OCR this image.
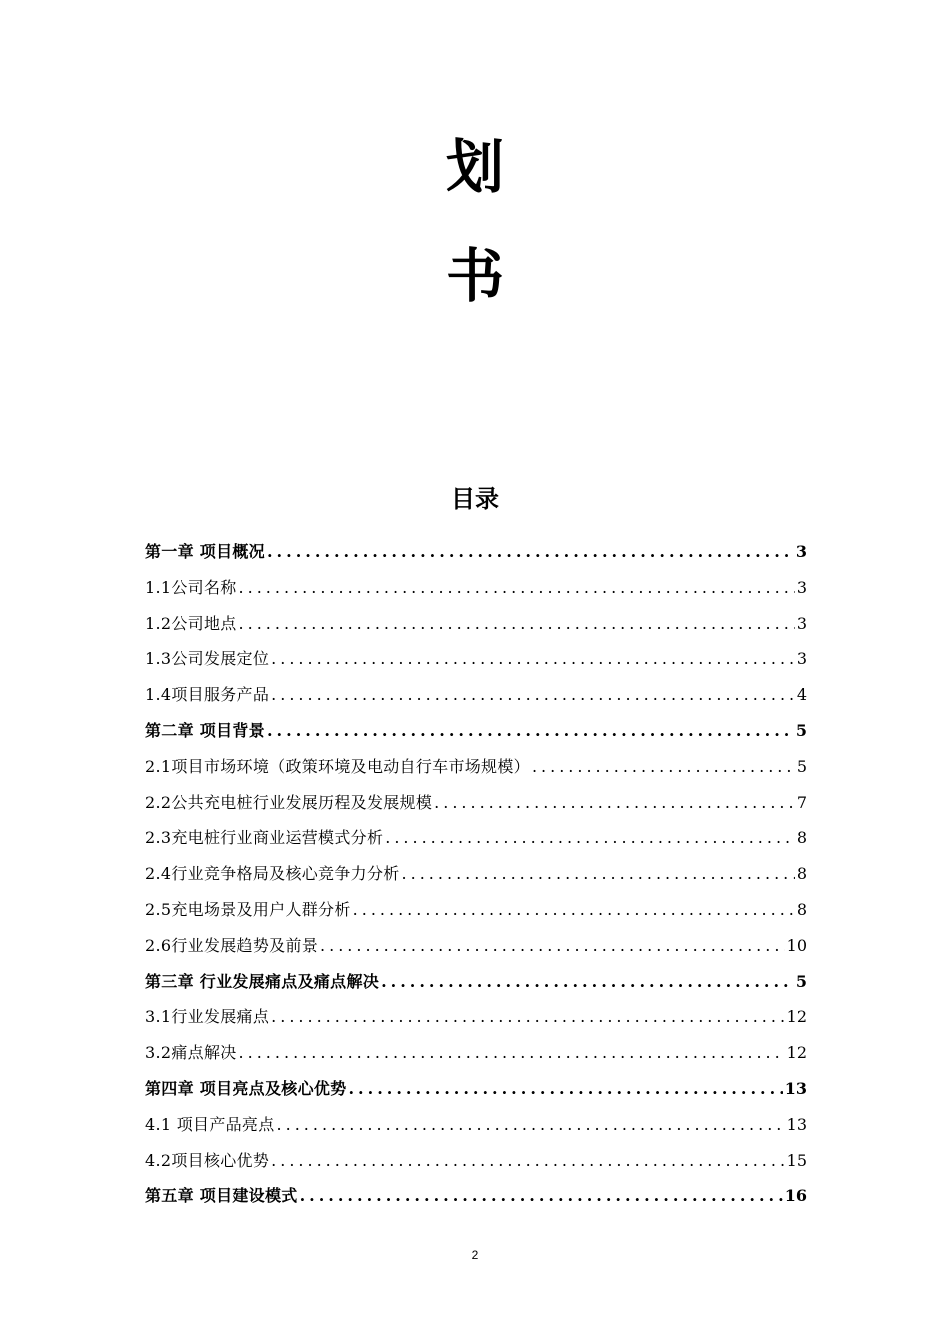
划
书
目录
第一章 项目概况 .....	3
1.1公司名称 .....	3
1.2公司地点 .....	3
1.3公司发展定位 .....	3
1.4项目服务产品 .....	4
第二章 项目背景 .....	5
2.1项目市场环境（政策环境及电动自行车市场规模） .....	5
2.2公共充电桩行业发展历程及发展规模 .....	7
2.3充电桩行业商业运营模式分析 .....	8
2.4行业竞争格局及核心竞争力分析 .....	8
2.5充电场景及用户人群分析 .....	8
2.6行业发展趋势及前景 .....	10
第三章 行业发展痛点及痛点解决 .....	5
3.1行业发展痛点 .....	12
3.2痛点解决 .....	12
第四章 项目亮点及核心优势 .....	13
4.1 项目产品亮点 .....	13
4.2项目核心优势 .....	15
第五章 项目建设模式 .....	16
2
